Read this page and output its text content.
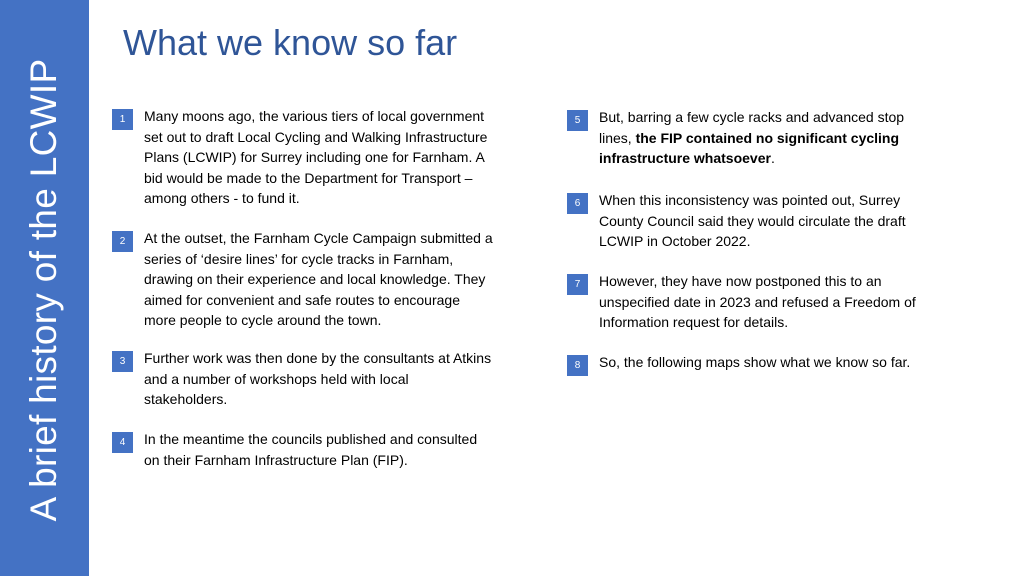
A brief history of the LCWIP
What we know so far
1	Many moons ago, the various tiers of local government
set out to draft Local Cycling and Walking Infrastructure
Plans (LCWIP) for Surrey including one for Farnham. A
bid would be made to the Department for Transport –
among others - to fund it.
2	At the outset, the Farnham Cycle Campaign submitted a
series of ‘desire lines’ for cycle tracks in Farnham,
drawing on their experience and local knowledge. They
aimed for convenient and safe routes to encourage
more people to cycle around the town.
3	Further work was then done by the consultants at Atkins
and a number of workshops held with local
stakeholders.
4	In the meantime the councils published and consulted
on their Farnham Infrastructure Plan (FIP).
5	But, barring a few cycle racks and advanced stop
lines, the FIP contained no significant cycling
infrastructure whatsoever.
6	When this inconsistency was pointed out, Surrey
County Council said they would circulate the draft
LCWIP in October 2022.
7	However, they have now postponed this to an
unspecified date in 2023 and refused a Freedom of
Information request for details.
8	So, the following maps show what we know so far.
